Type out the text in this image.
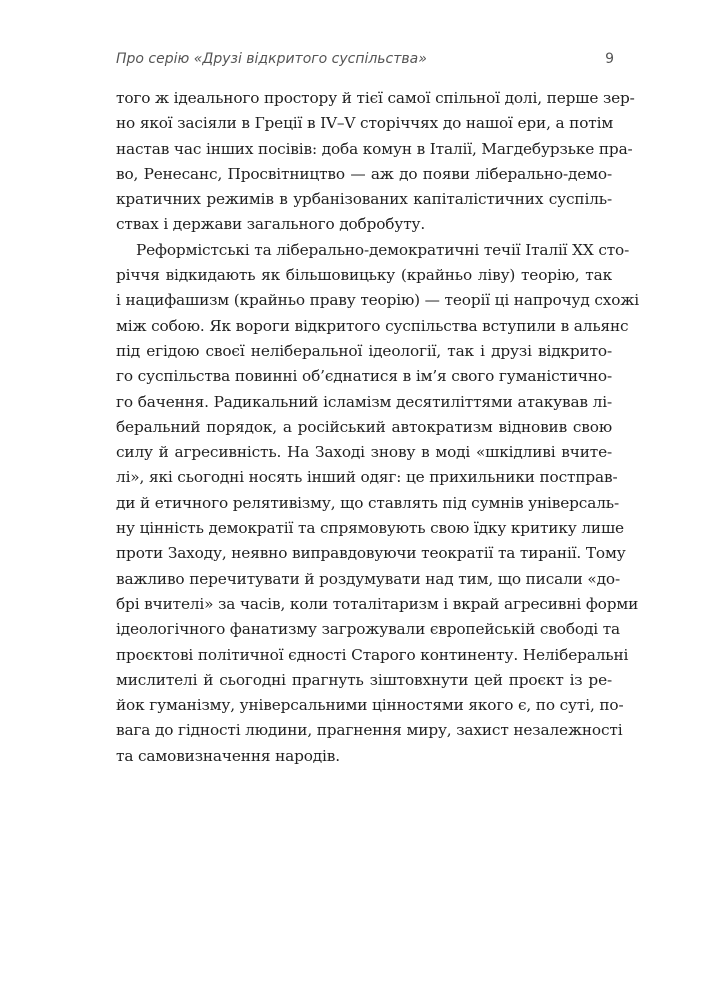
Про серію «Друзі відкритого суспільства»	9
того ж ідеального простору й тієї самої спільної долі, перше зер-
но якої засіяли в Греції в IV–V сторіччях до нашої ери, а потім
настав час інших посівів: доба комун в Італії, Магдебурзьке пра-
во, Ренесанс, Просвітництво — аж до появи ліберально-демо-
кратичних режимів в урбанізованих капіталістичних суспіль-
ствах і держави загального добробуту.
Реформістські та ліберально-демократичні течії Італії XX сто-
річчя відкидають як більшовицьку (крайньо ліву) теорію, так
і нацифашизм (крайньо праву теорію) — теорії ці напрочуд схожі
між собою. Як вороги відкритого суспільства вступили в альянс
під егідою своєї неліберальної ідеології, так і друзі відкрито-
го суспільства повинні об’єднатися в ім’я свого гуманістично-
го бачення. Радикальний ісламізм десятиліттями атакував лі-
беральний порядок, а російський автократизм відновив свою
силу й агресивність. На Заході знову в моді «шкідливі вчите-
лі», які сьогодні носять інший одяг: це прихильники постправ-
ди й етичного релятивізму, що ставлять під сумнів універсаль-
ну цінність демократії та спрямовують свою їдку критику лише
проти Заходу, неявно виправдовуючи теократії та тиранії. Тому
важливо перечитувати й роздумувати над тим, що писали «до-
брі вчителі» за часів, коли тоталітаризм і вкрай агресивні форми
ідеологічного фанатизму загрожували європейській свободі та
проєктові політичної єдності Старого континенту. Неліберальні
мислителі й сьогодні прагнуть зіштовхнути цей проєкт із ре-
йок гуманізму, універсальними цінностями якого є, по суті, по-
вага до гідності людини, прагнення миру, захист незалежності
та самовизначення народів.
